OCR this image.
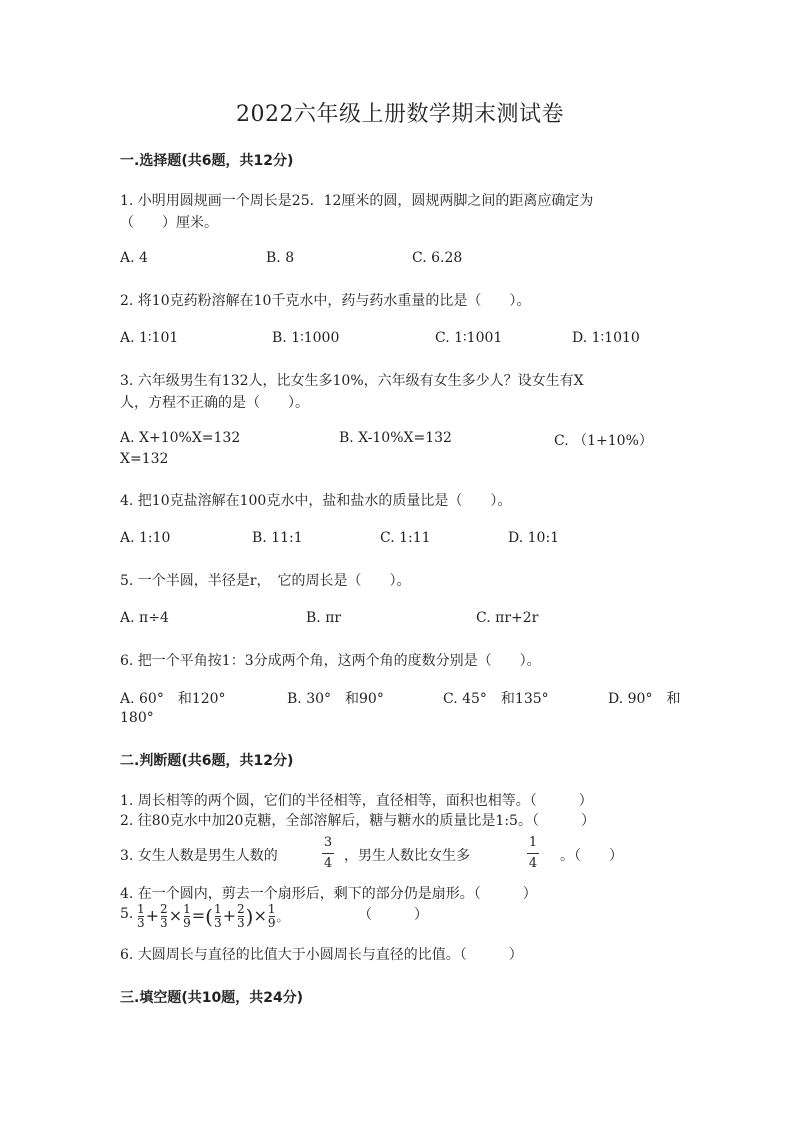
2022六年级上册数学期末测试卷
一.选择题(共6题，共12分)
1. 小明用圆规画一个周长是25．12厘米的圆，圆规两脚之间的距离应确定为
（　　）厘米。
A. 4	B. 8	C. 6.28
2. 将10克药粉溶解在10千克水中，药与药水重量的比是（　　）。
A. 1∶101	B. 1∶1000	C. 1∶1001	D. 1∶1010
3. 六年级男生有132人，比女生多10%，六年级有女生多少人？设女生有X
人，方程不正确的是（　　）。
A. X+10%X=132	B. X-10%X=132	C. （1+10%）
X=132
4. 把10克盐溶解在100克水中，盐和盐水的质量比是（　　）。
A. 1:10	B. 11:1	C. 1:11	D. 10:1
5. 一个半圆，半径是r，　它的周长是（　　）。
A. π÷4	B. πr	C. πr+2r
6. 把一个平角按1：3分成两个角，这两个角的度数分别是（　　）。
A. 60°　和120°	B. 30°　和90°	C. 45°　和135°	D. 90°　和
180°
二.判断题(共6题，共12分)
1. 周长相等的两个圆，它们的半径相等，直径相等，面积也相等。（　　　）
2. 往80克水中加20克糖，全部溶解后，糖与糖水的质量比是1:5。（　　　）
3. 女生人数是男生人数的
3
4 ，男生人数比女生多
1
4 。（　　）
4. 在一个圆内，剪去一个扇形后，剩下的部分仍是扇形。（　　　）
5. $\frac{1}{3}+\frac{2}{3}\times\frac{1}{9}=(\frac{1}{3}+\frac{2}{3})\times\frac{1}{9}$。	（　　　）
6. 大圆周长与直径的比值大于小圆周长与直径的比值。（　　　）
三.填空题(共10题，共24分)
